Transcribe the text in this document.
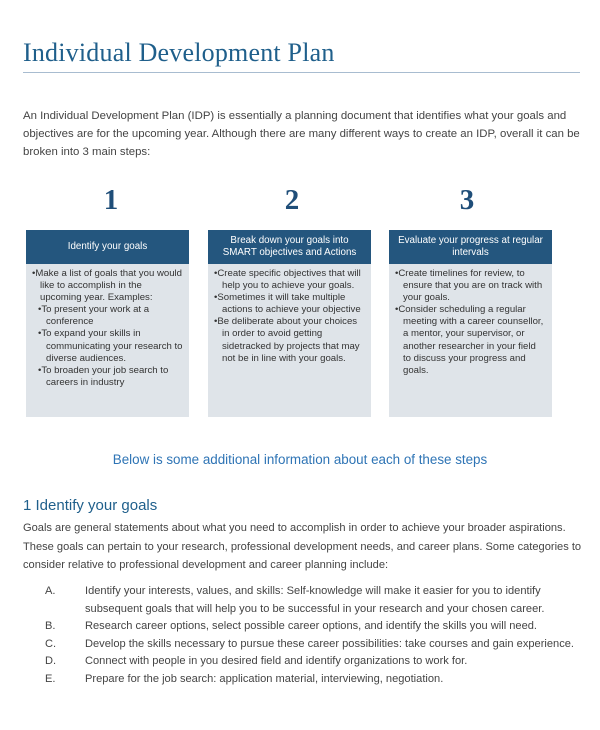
Individual Development Plan
An Individual Development Plan (IDP) is essentially a planning document that identifies what your goals and objectives are for the upcoming year. Although there are many different ways to create an IDP, overall it can be broken into 3 main steps:
1	2	3
Identify your goals
•Make a list of goals that you would like to accomplish in the upcoming year. Examples:
•To present your work at a conference
•To expand your skills in communicating your research to diverse audiences.
•To broaden your job search to careers in industry
Break down your goals into SMART objectives and Actions
•Create specific objectives that will help you to achieve your goals.
•Sometimes it will take multiple actions to achieve your objective
•Be deliberate about your choices in order to avoid getting sidetracked by projects that may not be in line with your goals.
Evaluate your progress at regular intervals
•Create timelines for review, to ensure that you are on track with your goals.
•Consider scheduling a regular meeting with a career counsellor, a mentor, your supervisor, or another researcher in your field to discuss your progress and goals.
Below is some additional information about each of these steps
1 Identify your goals
Goals are general statements about what you need to accomplish in order to achieve your broader aspirations. These goals can pertain to your research, professional development needs, and career plans. Some categories to consider relative to professional development and career planning include:
A.	Identify your interests, values, and skills: Self-knowledge will make it easier for you to identify subsequent goals that will help you to be successful in your research and your chosen career.
B.	Research career options, select possible career options, and identify the skills you will need.
C.	Develop the skills necessary to pursue these career possibilities: take courses and gain experience.
D.	Connect with people in you desired field and identify organizations to work for.
E.	Prepare for the job search: application material, interviewing, negotiation.
